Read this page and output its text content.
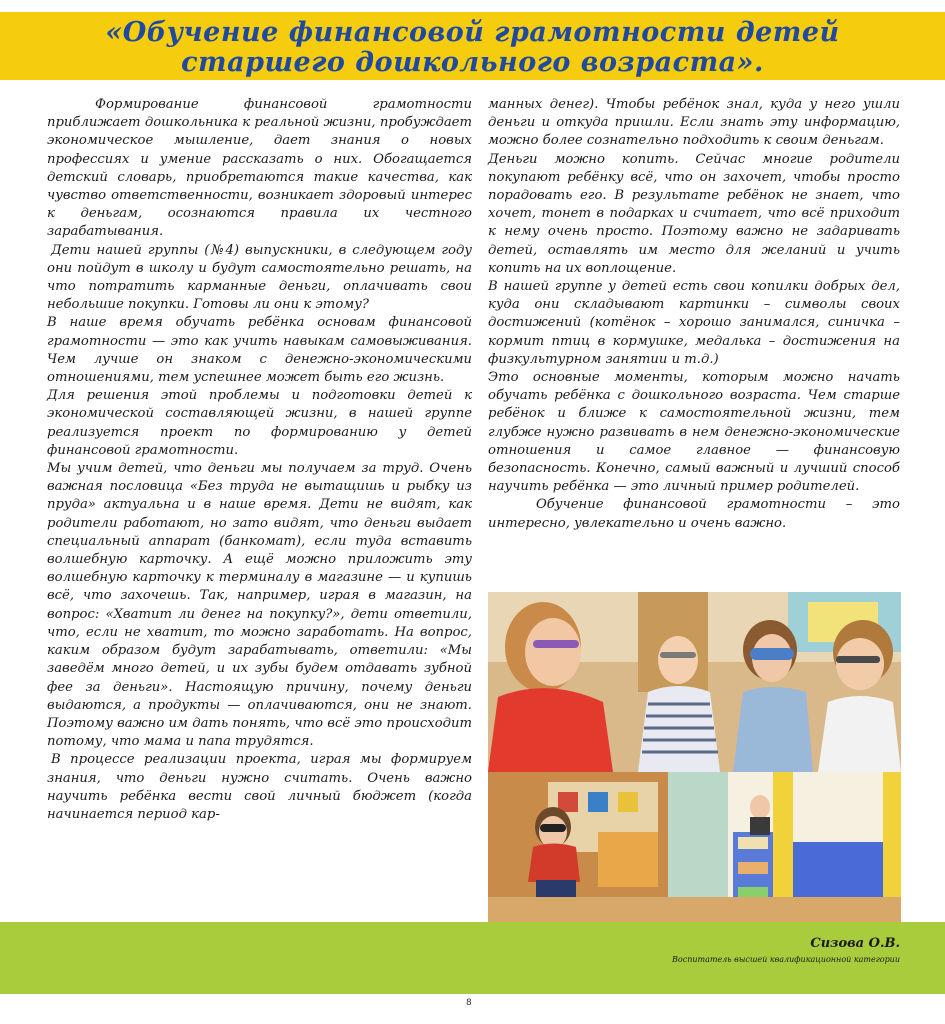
«Обучение финансовой грамотности детей
старшего дошкольного возраста».

Формирование финансовой грамотности приближает дошкольника к реальной жизни, пробуждает экономическое мышление, дает знания о новых профессиях и умение рассказать о них. Обогащается детский словарь, приобретаются такие качества, как чувство ответственности, возникает здоровый интерес к деньгам, осознаются правила их честного зарабатывания.

Дети нашей группы (№4) выпускники, в следующем году они пойдут в школу и будут самостоятельно решать, на что потратить карманные деньги, оплачивать свои небольшие покупки. Готовы ли они к этому?

В наше время обучать ребёнка основам финансовой грамотности — это как учить навыкам самовыживания. Чем лучше он знаком с денежно-экономическими отношениями, тем успешнее может быть его жизнь.

Для решения этой проблемы и подготовки детей к экономической составляющей жизни, в нашей группе реализуется проект по формированию у детей финансовой грамотности.

Мы учим детей, что деньги мы получаем за труд. Очень важная пословица «Без труда не вытащишь и рыбку из пруда» актуальна и в наше время. Дети не видят, как родители работают, но зато видят, что деньги выдает специальный аппарат (банкомат), если туда вставить волшебную карточку. А ещё можно приложить эту волшебную карточку к терминалу в магазине — и купишь всё, что захочешь. Так, например, играя в магазин, на вопрос: «Хватит ли денег на покупку?», дети ответили, что, если не хватит, то можно заработать. На вопрос, каким образом будут зарабатывать, ответили: «Мы заведём много детей, и их зубы будем отдавать зубной фее за деньги». Настоящую причину, почему деньги выдаются, а продукты — оплачиваются, они не знают. Поэтому важно им дать понять, что всё это происходит потому, что мама и папа трудятся.

В процессе реализации проекта, играя мы формируем знания, что деньги нужно считать. Очень важно научить ребёнка вести свой личный бюджет (когда начинается период кар-

манных денег). Чтобы ребёнок знал, куда у него ушли деньги и откуда пришли. Если знать эту информацию, можно более сознательно подходить к своим деньгам.

Деньги можно копить. Сейчас многие родители покупают ребёнку всё, что он захочет, чтобы просто порадовать его. В результате ребёнок не знает, что хочет, тонет в подарках и считает, что всё приходит к нему очень просто. Поэтому важно не задаривать детей, оставлять им место для желаний и учить копить на их воплощение.

В нашей группе у детей есть свои копилки добрых дел, куда они складывают картинки – символы своих достижений (котёнок – хорошо занимался, синичка – кормит птиц в кормушке, медалька – достижения на физкультурном занятии и т.д.)

Это основные моменты, которым можно начать обучать ребёнка с дошкольного возраста. Чем старше ребёнок и ближе к самостоятельной жизни, тем глубже нужно развивать в нем денежно-экономические отношения и самое главное — финансовую безопасность. Конечно, самый важный и лучший способ научить ребёнка — это личный пример родителей.

Обучение финансовой грамотности – это интересно, увлекательно и очень важно.

Сизова О.В.
Воспитатель высшей квалификационной категории
8
